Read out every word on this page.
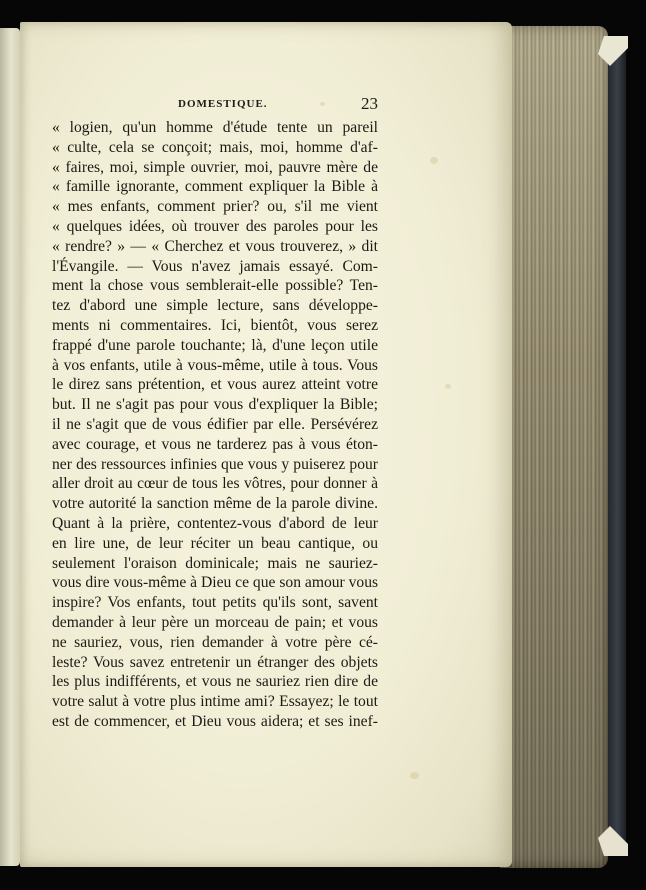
DOMESTIQUE.	23
« logien, qu'un homme d'étude tente un pareil
« culte, cela se conçoit; mais, moi, homme d'af-
« faires, moi, simple ouvrier, moi, pauvre mère de
« famille ignorante, comment expliquer la Bible à
« mes enfants, comment prier? ou, s'il me vient
« quelques idées, où trouver des paroles pour les
« rendre? » — « Cherchez et vous trouverez, » dit
l'Évangile. — Vous n'avez jamais essayé. Com-
ment la chose vous semblerait-elle possible? Ten-
tez d'abord une simple lecture, sans développe-
ments ni commentaires. Ici, bientôt, vous serez
frappé d'une parole touchante; là, d'une leçon utile
à vos enfants, utile à vous-même, utile à tous. Vous
le direz sans prétention, et vous aurez atteint votre
but. Il ne s'agit pas pour vous d'expliquer la Bible;
il ne s'agit que de vous édifier par elle. Persévérez
avec courage, et vous ne tarderez pas à vous éton-
ner des ressources infinies que vous y puiserez pour
aller droit au cœur de tous les vôtres, pour donner à
votre autorité la sanction même de la parole divine.
Quant à la prière, contentez-vous d'abord de leur
en lire une, de leur réciter un beau cantique, ou
seulement l'oraison dominicale; mais ne sauriez-
vous dire vous-même à Dieu ce que son amour vous
inspire? Vos enfants, tout petits qu'ils sont, savent
demander à leur père un morceau de pain; et vous
ne sauriez, vous, rien demander à votre père cé-
leste? Vous savez entretenir un étranger des objets
les plus indifférents, et vous ne sauriez rien dire de
votre salut à votre plus intime ami? Essayez; le tout
est de commencer, et Dieu vous aidera; et ses inef-
